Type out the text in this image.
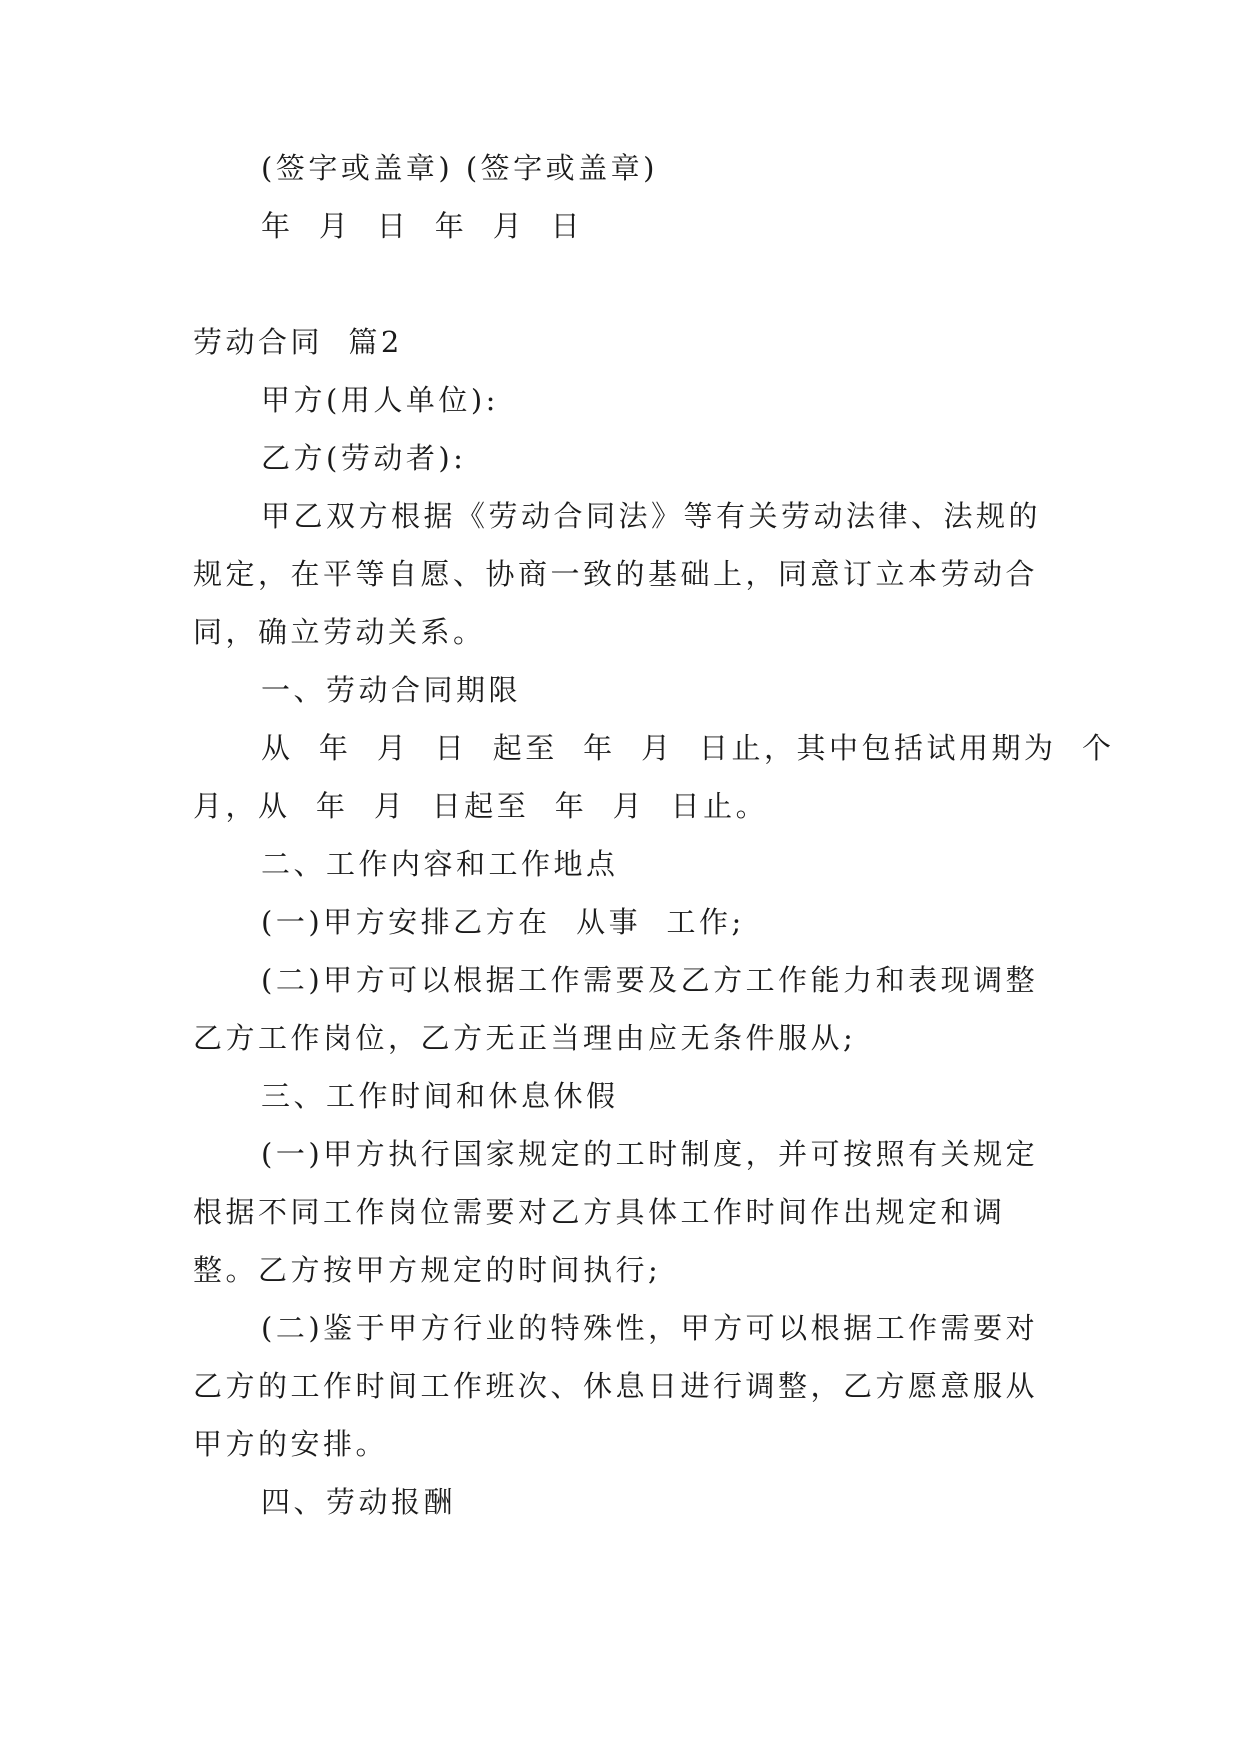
(签字或盖章) (签字或盖章)
年  月  日  年  月  日
劳动合同  篇2
甲方(用人单位):
乙方(劳动者):
甲乙双方根据《劳动合同法》等有关劳动法律、法规的
规定，在平等自愿、协商一致的基础上，同意订立本劳动合
同，确立劳动关系。
一、劳动合同期限
从  年  月  日  起至  年  月  日止，其中包括试用期为  个
月，从  年  月  日起至  年  月  日止。
二、工作内容和工作地点
(一)甲方安排乙方在  从事  工作;
(二)甲方可以根据工作需要及乙方工作能力和表现调整
乙方工作岗位，乙方无正当理由应无条件服从;
三、工作时间和休息休假
(一)甲方执行国家规定的工时制度，并可按照有关规定
根据不同工作岗位需要对乙方具体工作时间作出规定和调
整。乙方按甲方规定的时间执行;
(二)鉴于甲方行业的特殊性，甲方可以根据工作需要对
乙方的工作时间工作班次、休息日进行调整，乙方愿意服从
甲方的安排。
四、劳动报酬
